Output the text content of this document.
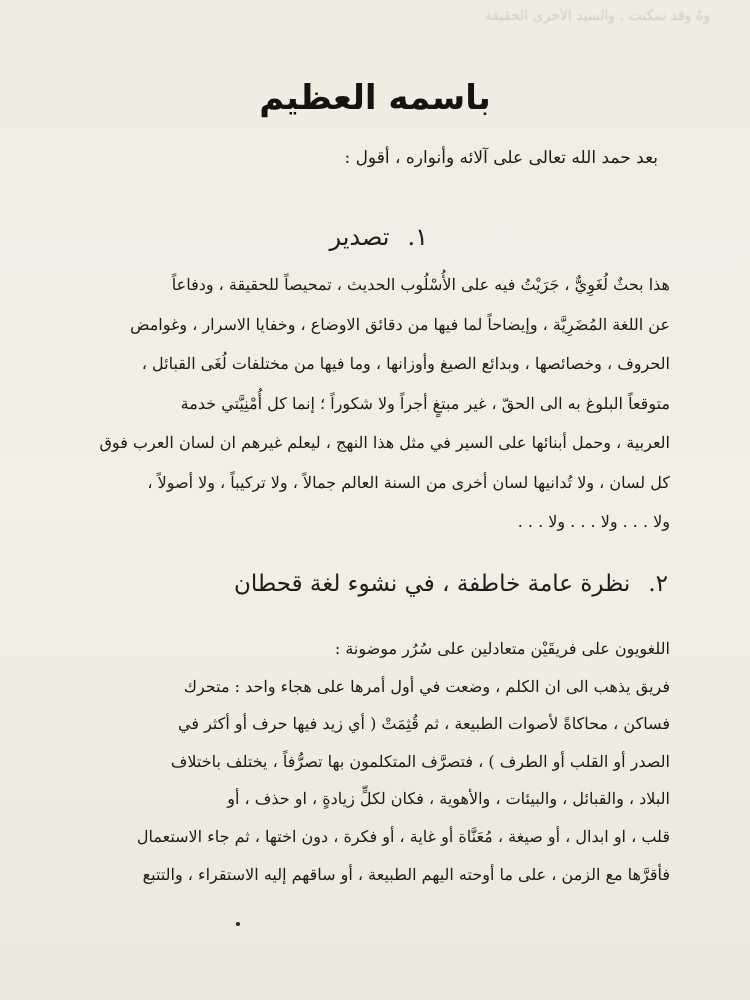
وهُ وقد تمكنت . والسيد الأخرى الحقيقة
باسمه العظيم
بعد حمد الله تعالى على آلائه وأنواره ، أقول :
١.تصدير
هذا بحثٌ لُغَوِيٌّ ، جَرَيْتُ فيه على الأُسْلُوب الحديث ، تمحيصاً للحقيقة ، ودفاعاً
عن اللغة المُضَرِيَّة ، وإيضاحاً لما فيها من دقائق الاوضاع ، وخفايا الاسرار ، وغوامض
الحروف ، وخصائصها ، وبدائع الصيغ وأوزانها ، وما فيها من مختلفات لُغَى القبائل ،
متوقعاً البلوغ به الى الحقّ ، غير مبتغٍ أجراً ولا شكوراً ؛ إنما كل أُمْنِيَّتي خدمة
العربية ، وحمل أبنائها على السير في مثل هذا النهج ، ليعلم غيرهم ان لسان العرب فوق
كل لسان ، ولا تُدانيها لسان أخرى من السنة العالم جمالاً ، ولا تركيباً ، ولا أصولاً ،
ولا . . . ولا . . . ولا . . .
٢.نظرة عامة خاطفة ، في نشوء لغة قحطان
اللغويون على فريقَيْن متعادلين على سُرُر موضونة :
فريق يذهب الى ان الكلم ، وضعت في أول أمرها على هجاء واحد : متحرك
فساكن ، محاكاةً لأصوات الطبيعة ، ثم قُثِمَتْ ( أي زيد فيها حرف أو أكثر في
الصدر أو القلب أو الطرف ) ، فتصرَّف المتكلمون بها تصرُّفاً ، يختلف باختلاف
البلاد ، والقبائل ، والبيئات ، والأهوية ، فكان لكلٍّ زيادةٍ ، او حذف ، أو
قلب ، او ابدال ، أو صيغة ، مُعَنَّاة أو غاية ، أو فكرة ، دون اختها ، ثم جاء الاستعمال
فأقرَّها مع الزمن ، على ما أوحته اليهم الطبيعة ، أو ساقهم إليه الاستقراء ، والتتبع
